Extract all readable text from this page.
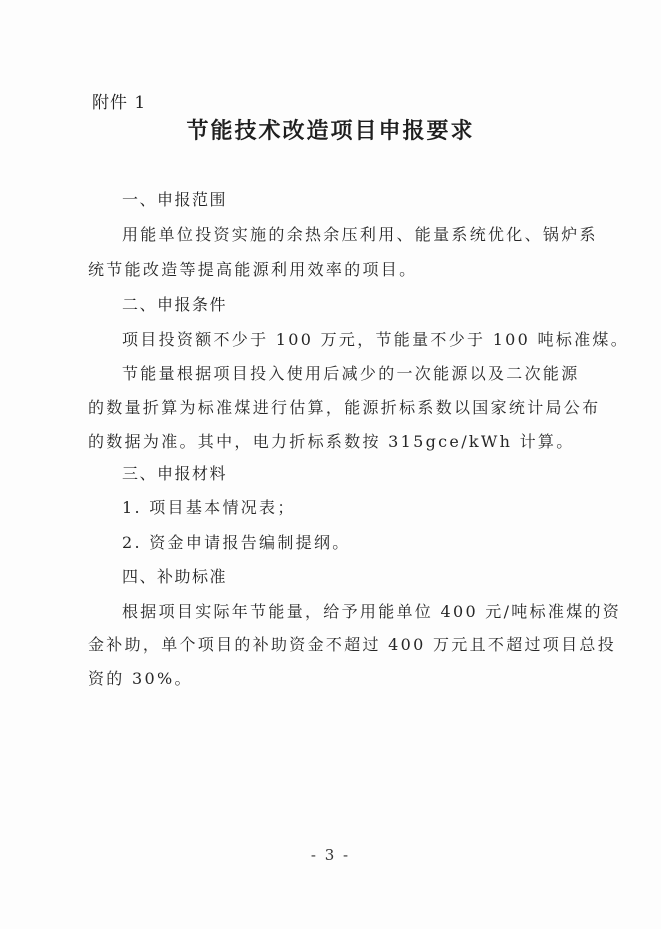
附件 1
节能技术改造项目申报要求
一、申报范围
用能单位投资实施的余热余压利用、能量系统优化、锅炉系
统节能改造等提高能源利用效率的项目。
二、申报条件
项目投资额不少于 100 万元，节能量不少于 100 吨标准煤。
节能量根据项目投入使用后减少的一次能源以及二次能源
的数量折算为标准煤进行估算，能源折标系数以国家统计局公布
的数据为准。其中，电力折标系数按 315gce/kWh 计算。
三、申报材料
1. 项目基本情况表；
2. 资金申请报告编制提纲。
四、补助标准
根据项目实际年节能量，给予用能单位 400 元/吨标准煤的资
金补助，单个项目的补助资金不超过 400 万元且不超过项目总投
资的 30%。
- 3 -
